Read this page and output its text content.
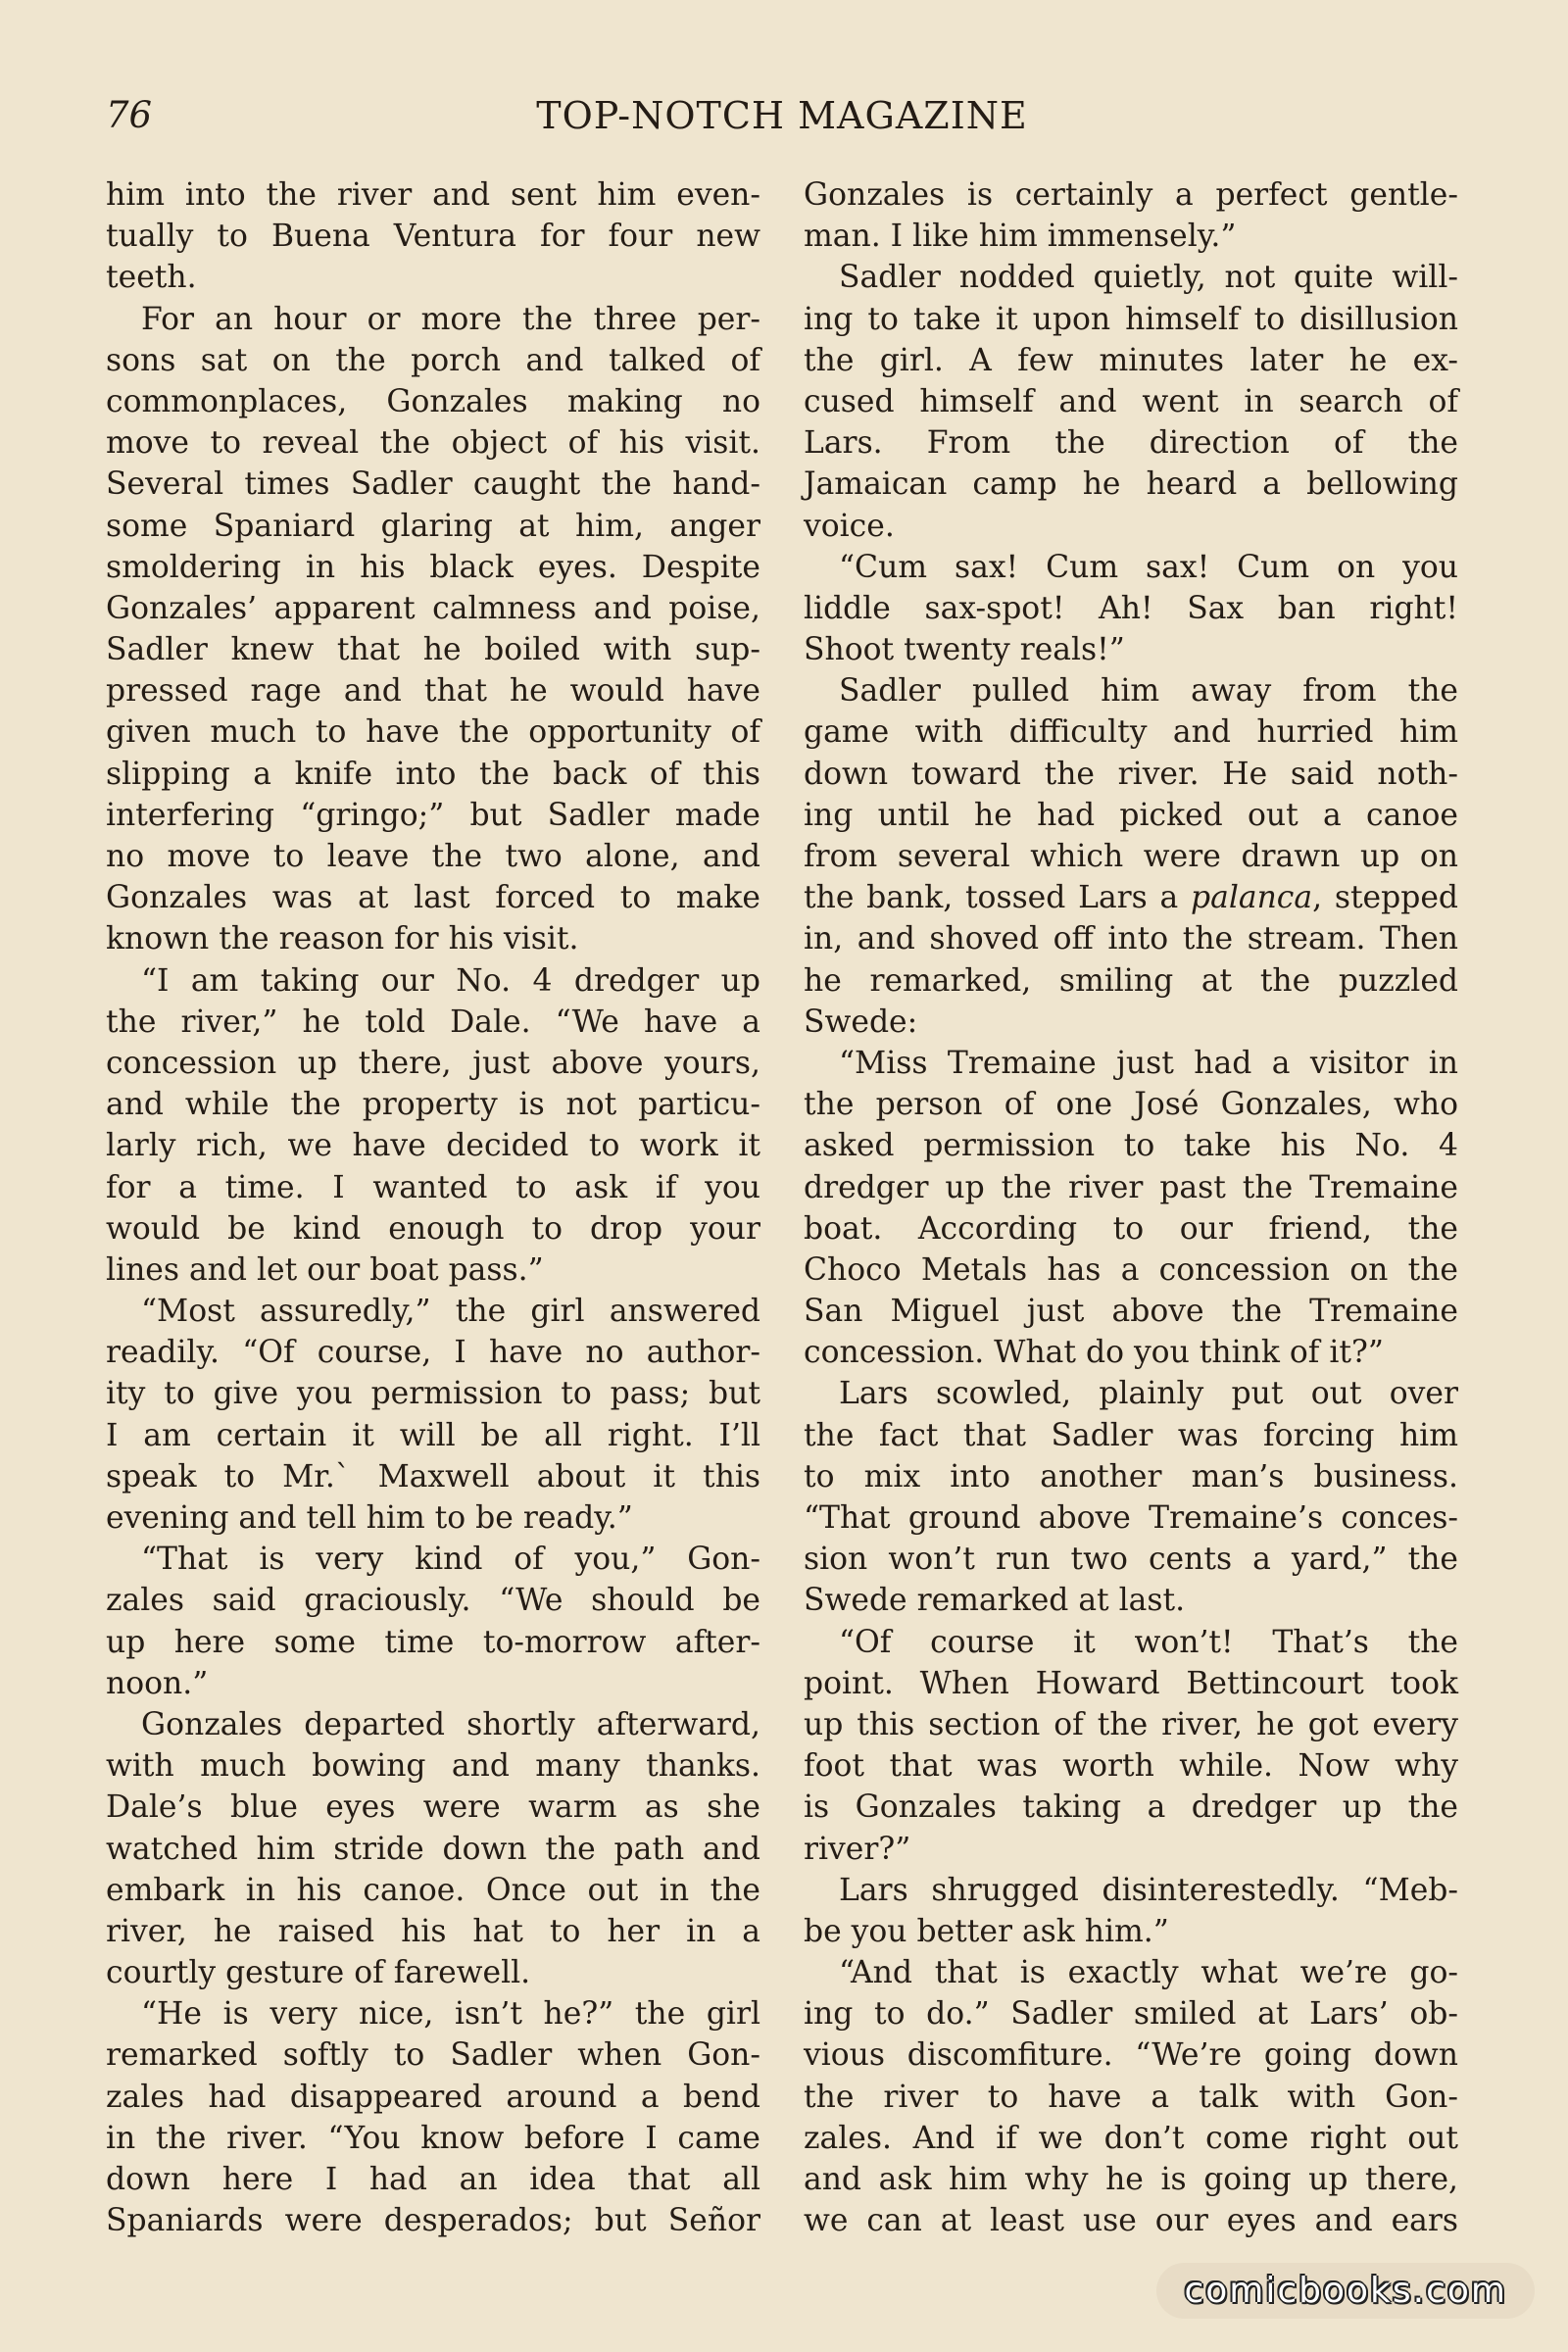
76	TOP-NOTCH MAGAZINE
him into the river and sent him even-
tually to Buena Ventura for four new
teeth.
For an hour or more the three per-
sons sat on the porch and talked of
commonplaces, Gonzales making no
move to reveal the object of his visit.
Several times Sadler caught the hand-
some Spaniard glaring at him, anger
smoldering in his black eyes. Despite
Gonzales’ apparent calmness and poise,
Sadler knew that he boiled with sup-
pressed rage and that he would have
given much to have the opportunity of
slipping a knife into the back of this
interfering “gringo;” but Sadler made
no move to leave the two alone, and
Gonzales was at last forced to make
known the reason for his visit.
“I am taking our No. 4 dredger up
the river,” he told Dale. “We have a
concession up there, just above yours,
and while the property is not particu-
larly rich, we have decided to work it
for a time. I wanted to ask if you
would be kind enough to drop your
lines and let our boat pass.”
“Most assuredly,” the girl answered
readily. “Of course, I have no author-
ity to give you permission to pass; but
I am certain it will be all right. I’ll
speak to Mr.` Maxwell about it this
evening and tell him to be ready.”
“That is very kind of you,” Gon-
zales said graciously. “We should be
up here some time to-morrow after-
noon.”
Gonzales departed shortly afterward,
with much bowing and many thanks.
Dale’s blue eyes were warm as she
watched him stride down the path and
embark in his canoe. Once out in the
river, he raised his hat to her in a
courtly gesture of farewell.
“He is very nice, isn’t he?” the girl
remarked softly to Sadler when Gon-
zales had disappeared around a bend
in the river. “You know before I came
down here I had an idea that all
Spaniards were desperados; but Señor
Gonzales is certainly a perfect gentle-
man. I like him immensely.”
Sadler nodded quietly, not quite will-
ing to take it upon himself to disillusion
the girl. A few minutes later he ex-
cused himself and went in search of
Lars. From the direction of the
Jamaican camp he heard a bellowing
voice.
“Cum sax! Cum sax! Cum on you
liddle sax-spot! Ah! Sax ban right!
Shoot twenty reals!”
Sadler pulled him away from the
game with difficulty and hurried him
down toward the river. He said noth-
ing until he had picked out a canoe
from several which were drawn up on
the bank, tossed Lars a palanca, stepped
in, and shoved off into the stream. Then
he remarked, smiling at the puzzled
Swede:
“Miss Tremaine just had a visitor in
the person of one José Gonzales, who
asked permission to take his No. 4
dredger up the river past the Tremaine
boat. According to our friend, the
Choco Metals has a concession on the
San Miguel just above the Tremaine
concession. What do you think of it?”
Lars scowled, plainly put out over
the fact that Sadler was forcing him
to mix into another man’s business.
“That ground above Tremaine’s conces-
sion won’t run two cents a yard,” the
Swede remarked at last.
“Of course it won’t! That’s the
point. When Howard Bettincourt took
up this section of the river, he got every
foot that was worth while. Now why
is Gonzales taking a dredger up the
river?”
Lars shrugged disinterestedly. “Meb-
be you better ask him.”
“And that is exactly what we’re go-
ing to do.” Sadler smiled at Lars’ ob-
vious discomfiture. “We’re going down
the river to have a talk with Gon-
zales. And if we don’t come right out
and ask him why he is going up there,
we can at least use our eyes and ears
comicbooks.com
